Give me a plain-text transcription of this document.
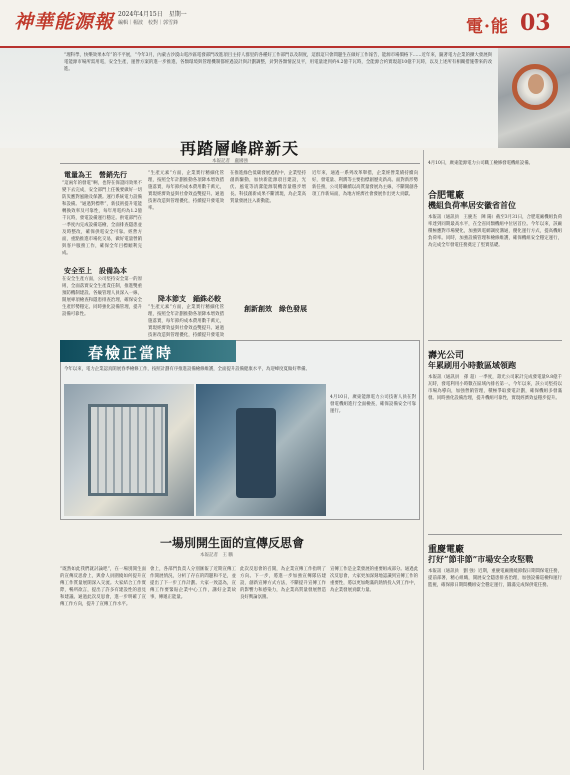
神華能源報 2024年4月15日　星期一
編輯｜楊波　校對｜郭雪鋒	電·能 03
“理科學，快樂效果本年”的不平展，“今年3月，內蒙古沙漠山電沙區電發部門改進項目主持人群里的各種好工作部門以及制度，這群這只會問題生在做好工作報告，能源市場價格下……近年來，隨著電力企業的擴大發展與電能源市場所需用電，安全生產，運營方案的進一步推進，各類環境與管理機制都經過設計與計劃調整，針對各類情況及平，用電量達到約4.2億千瓦時，全能源合約實現超10億千瓦時，以及上述所有相關措施帶來的改進。
再踏層峰辟新天
本報記者　盧國強
電量為王　營銷先行
“這兩年的發電”啊，也得在保證同效果不變下去完成，安全部門上任後要做好一切防災應對風險及保護。運行系統電力設備和設備。“通過對標準”，新技術提升電能轉換效率及可靠性，每年用電約為1.2億千瓦時，發電設備運行穩定。供電部門在一季度內完成設備巡檢，全面排查隱患並及時整改，確保供電安全可靠。經營方面，重點推進市場化交易，做好電量營銷與客戶服務工作，確保全年目標順利完成。
安全至上　設備為本
在安全生產方面，公司堅持安全第一的原則，全面落實安全生產責任制，推進雙重預防機制建設。各級管理人員深入一線，開展專項檢查和隱患排查治理，確保安全生產形勢穩定。同時強化設備管理，提升設備可靠性。
“生產元素”方面，企業實行精細化管理，按照全年計劃推動各項降本增效措施落實，每年節約成本費用數千萬元，實現經濟效益與社會效益雙提升。通過技術改造與管理優化，持續提升發電效率。
降本節支　錙銖必較
“生產元素”方面，企業實行精細化管理，按照全年計劃推動各項降本增效措施落實，每年節約成本費用數千萬元，實現經濟效益與社會效益雙提升。通過技術改造與管理優化，持續提升發電效
在推進綠色低碳發展過程中，企業堅持創新驅動，加快新能源項目建設，光伏、風電等清潔能源裝機容量穩步增長。科技創新成果不斷湧現，為企業高質量發展注入新動能。
創新創效　綠色發展
近年來，通過一系列改革舉措，企業經營業績持續向好，發電量、利潤等主要指標創歷史新高。面對新形勢新任務，公司將繼續以高質量發展為主線，不斷開創各項工作新局面，為地方經濟社會發展作出更大貢獻。
4月10日，廣東能源電力公司職工檢修發電機組設備。
合肥電廠
機組負荷率居安徽省首位
本報訊（通訊員　王慶杰　陳 陽）截至3月31日，合肥電廠機組負荷率達到同期最高水平，在全省同類機組中位居首位。今年以來，該廠積極應對市場變化，加強與電網調度溝通，優化運行方式，提高機組負荷率。同時，加強設備管理和檢修維護，確保機組安全穩定運行，為完成全年發電任務奠定了堅實基礎。
壽光公司
年累刷用小時數區域領跑
本報訊（通訊員　孫 超）一季度，壽光公司累計完成發電量9.8億千瓦時，發電利用小時數在區域內排名第一。今年以來，該公司堅持以市場為導向，加強營銷管理，積極爭取發電計劃，確保機組多發滿發。同時強化設備治理，提升機組可靠性，實現經濟效益穩步提升。
重慶電廠
打好“節非節”市場安全攻堅戰
本報訊（通訊員　劉 強）近期，重慶電廠圍繞節假日期間保電任務，提前部署，精心組織，開展安全隱患排查治理，加強設備巡檢和運行監視，確保節日期間機組安全穩定運行，圓滿完成保供電任務。
春檢正當時
今年以來，電力企業認真開展春季檢修工作，按照計劃有序推進設備檢修維護，全面提升設備健康水平，為迎峰度夏做好準備。
4月10日，廣東能源電力公司技術人員在對發電機組進行全面檢查，確保設備安全可靠運行。
一場別開生面的宣傳反思會
本報記者　王 鵬
“既然如此我們就討論吧”，在一場別開生面的宣傳反思會上，與會人員圍繞如何提升宣傳工作質量展開深入交流。大家結合工作實際，暢所欲言，提出了許多有建設性的意見和建議。通過此次反思會，進一步明確了宣傳工作方向，提升了宣傳工作水平。
會上，各部門負責人分別匯報了近期宣傳工作開展情況，分析了存在的問題和不足，並提出了下一步工作計劃。大家一致認為，宣傳工作要緊貼企業中心工作，講好企業故事，傳遞正能量。
此次反思會的召開，為企業宣傳工作指明了方向。下一步，將進一步加強宣傳隊伍建設，創新宣傳方式方法，不斷提升宣傳工作的影響力和感染力，為企業高質量發展營造良好輿論氛圍。
宣傳工作是企業發展的重要組成部分。通過此次反思會，大家更加深刻地認識到宣傳工作的重要性，將以更加飽滿的熱情投入到工作中，為企業發展貢獻力量。
